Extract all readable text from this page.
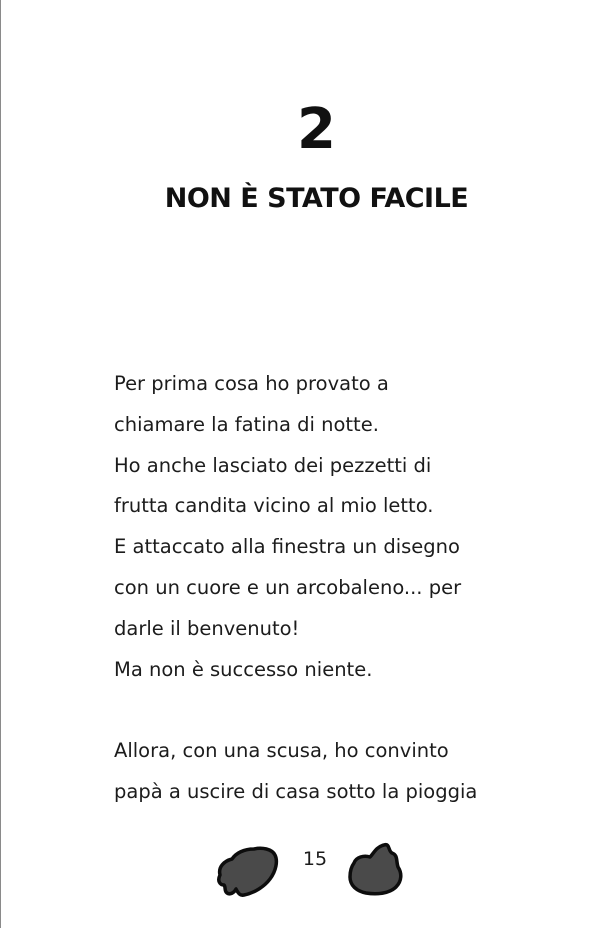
2
NON È STATO FACILE

Per prima cosa ho provato a

chiamare la fatina di notte.

Ho anche lasciato dei pezzetti di

frutta candita vicino al mio letto.

E attaccato alla finestra un disegno

con un cuore e un arcobaleno... per

darle il benvenuto!

Ma non è successo niente.

Allora, con una scusa, ho convinto

papà a uscire di casa sotto la pioggia

15
